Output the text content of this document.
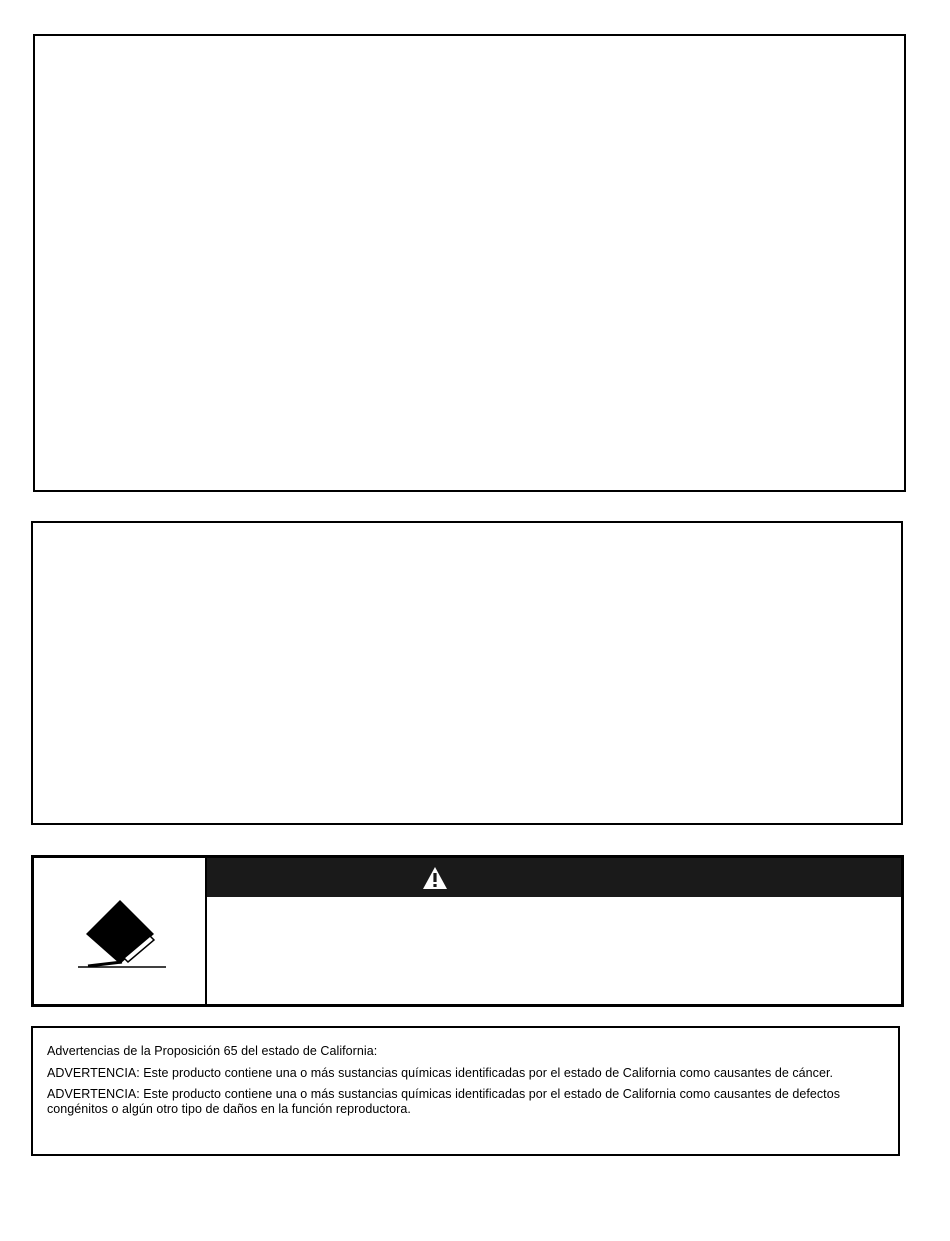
Advertencias de la Proposición 65 del estado de California:

ADVERTENCIA: Este producto contiene una o más sustancias químicas identificadas por el estado de California como causantes de cáncer.

ADVERTENCIA: Este producto contiene una o más sustancias químicas identificadas por el estado de California como causantes de defectos congénitos o algún otro tipo de daños en la función reproductora.
